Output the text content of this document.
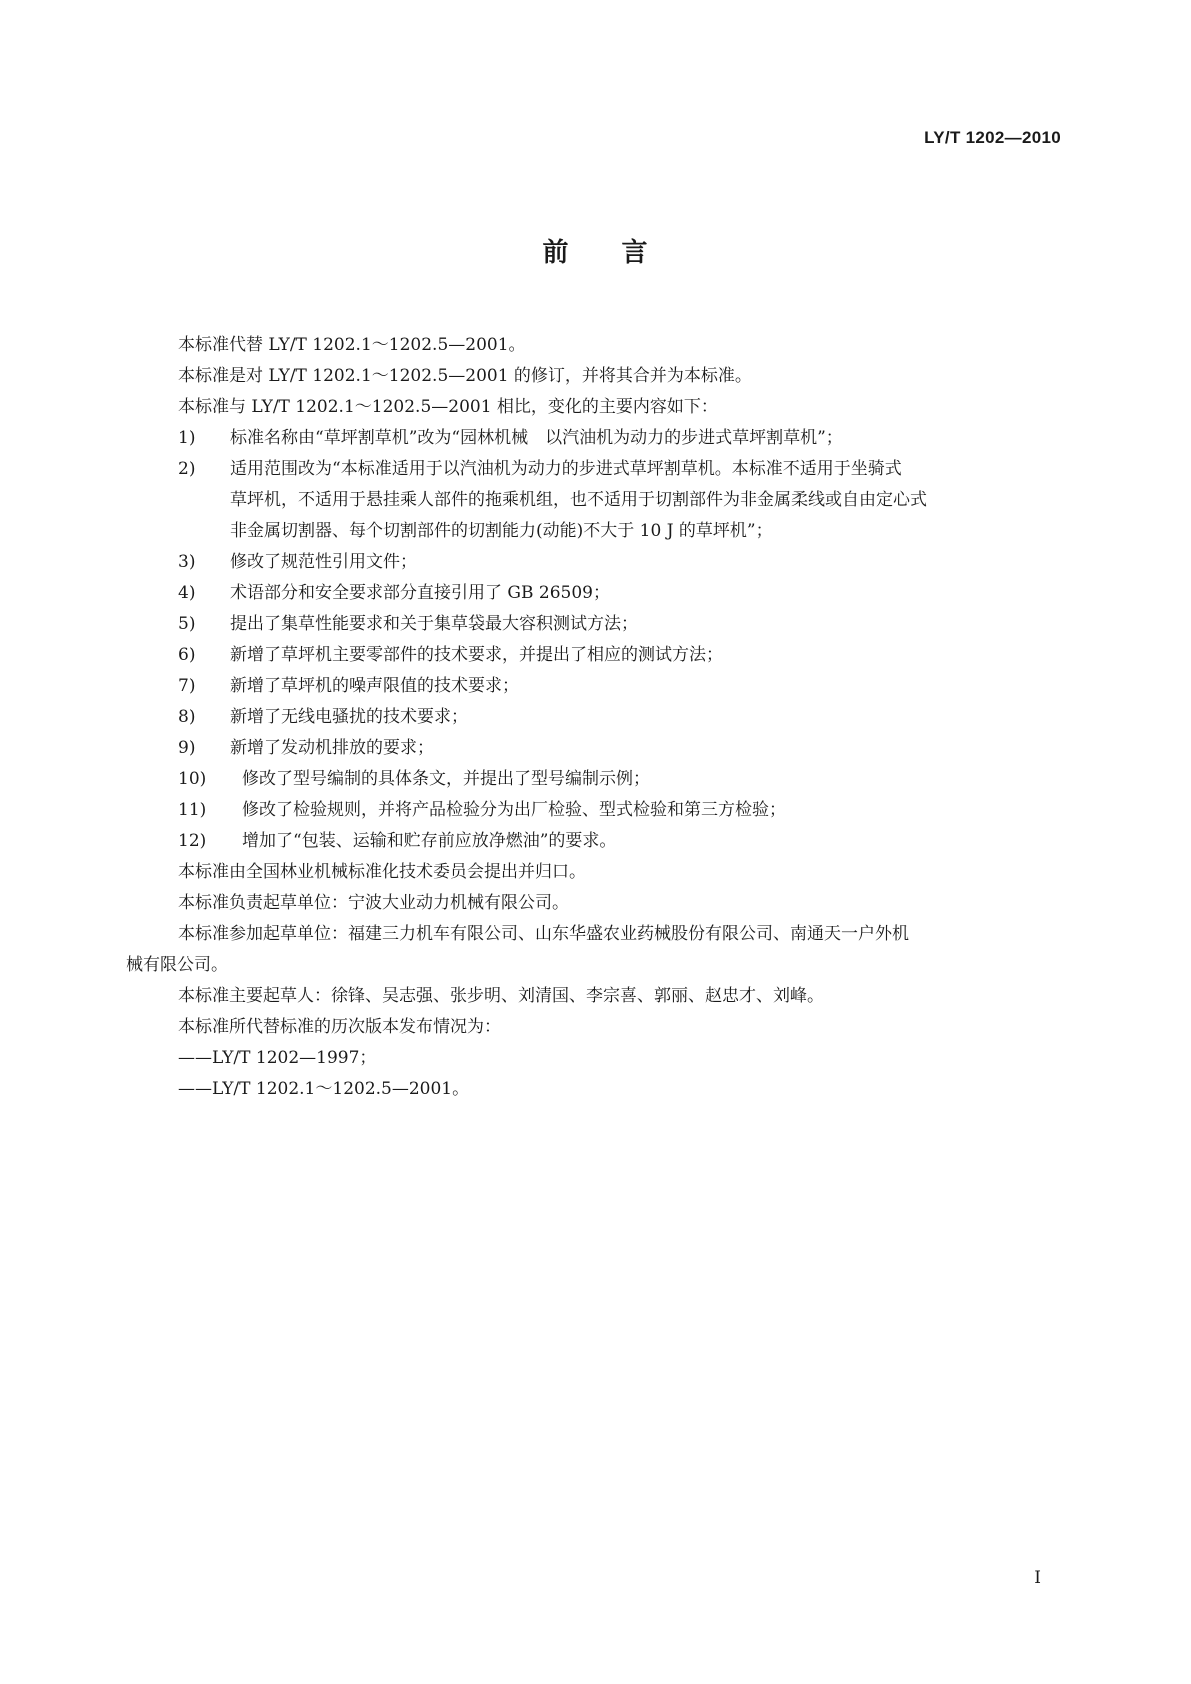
LY/T 1202—2010
前 言
本标准代替 LY/T 1202.1～1202.5—2001。
本标准是对 LY/T 1202.1～1202.5—2001 的修订，并将其合并为本标准。
本标准与 LY/T 1202.1～1202.5—2001 相比，变化的主要内容如下：
1)	标准名称由“草坪割草机”改为“园林机械　以汽油机为动力的步进式草坪割草机”；
2)	适用范围改为“本标准适用于以汽油机为动力的步进式草坪割草机。本标准不适用于坐骑式
草坪机，不适用于悬挂乘人部件的拖乘机组，也不适用于切割部件为非金属柔线或自由定心式
非金属切割器、每个切割部件的切割能力(动能)不大于 10 J 的草坪机”；
3)	修改了规范性引用文件；
4)	术语部分和安全要求部分直接引用了 GB 26509；
5)	提出了集草性能要求和关于集草袋最大容积测试方法；
6)	新增了草坪机主要零部件的技术要求，并提出了相应的测试方法；
7)	新增了草坪机的噪声限值的技术要求；
8)	新增了无线电骚扰的技术要求；
9)	新增了发动机排放的要求；
10)	修改了型号编制的具体条文，并提出了型号编制示例；
11)	修改了检验规则，并将产品检验分为出厂检验、型式检验和第三方检验；
12)	增加了“包装、运输和贮存前应放净燃油”的要求。
本标准由全国林业机械标准化技术委员会提出并归口。
本标准负责起草单位：宁波大业动力机械有限公司。
本标准参加起草单位：福建三力机车有限公司、山东华盛农业药械股份有限公司、南通天一户外机
械有限公司。
本标准主要起草人：徐锋、吴志强、张步明、刘清国、李宗喜、郭丽、赵忠才、刘峰。
本标准所代替标准的历次版本发布情况为：
——LY/T 1202—1997；
——LY/T 1202.1～1202.5—2001。
I
